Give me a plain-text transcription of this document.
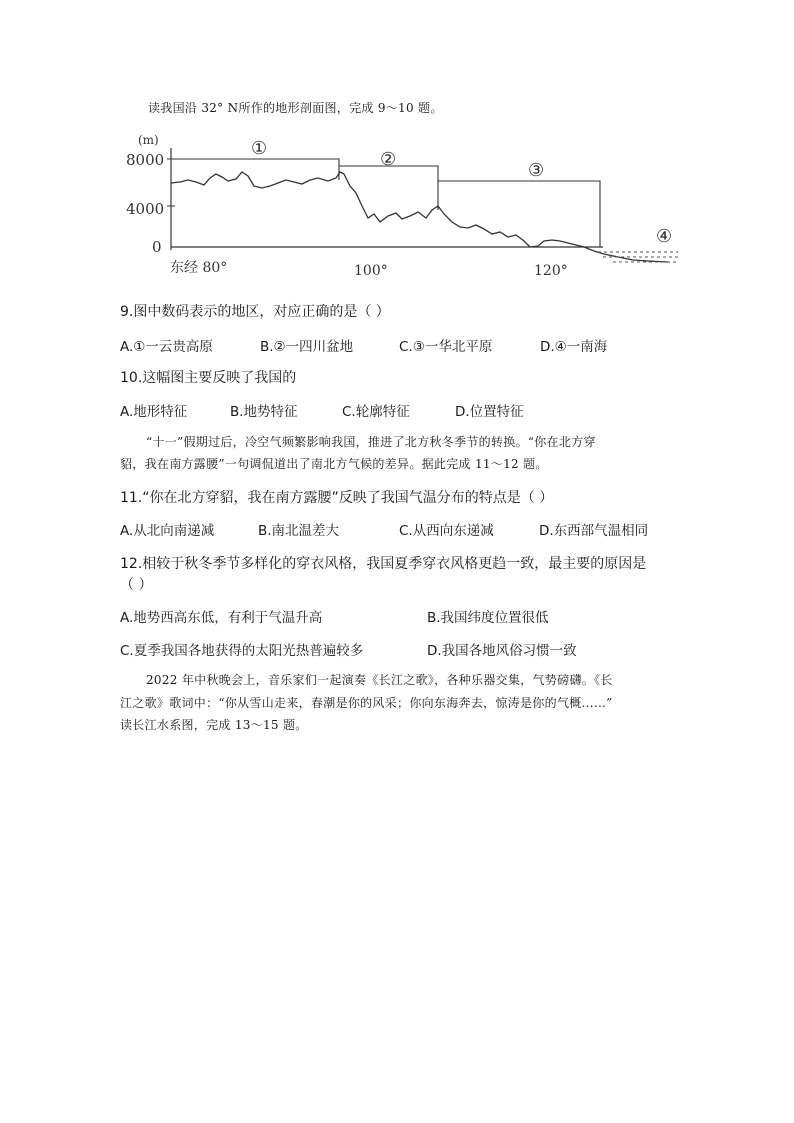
读我国沿 32° N所作的地形剖面图，完成 9～10 题。
(m)
8000
4000
0
①
②
③
④
东经 80°	100°	120°
9.图中数码表示的地区，对应正确的是（ ）
A.①一云贵高原	B.②一四川盆地	C.③一华北平原	D.④一南海
10.这幅图主要反映了我国的
A.地形特征	B.地势特征	C.轮廓特征	D.位置特征
“十一”假期过后，冷空气频繁影响我国，推进了北方秋冬季节的转换。“你在北方穿
貂，我在南方露腰”一句调侃道出了南北方气候的差异。据此完成 11～12 题。
11.“你在北方穿貂，我在南方露腰”反映了我国气温分布的特点是（ ）
A.从北向南递减	B.南北温差大	C.从西向东递减	D.东西部气温相同
12.相较于秋冬季节多样化的穿衣风格，我国夏季穿衣风格更趋一致，最主要的原因是
（ ）
A.地势西高东低，有利于气温升高	B.我国纬度位置很低
C.夏季我国各地获得的太阳光热普遍较多	D.我国各地风俗习惯一致
2022 年中秋晚会上，音乐家们一起演奏《长江之歌》，各种乐器交集，气势磅礴。《长
江之歌》歌词中：“你从雪山走来，春潮是你的风采；你向东海奔去，惊涛是你的气概……”
读长江水系图，完成 13～15 题。
